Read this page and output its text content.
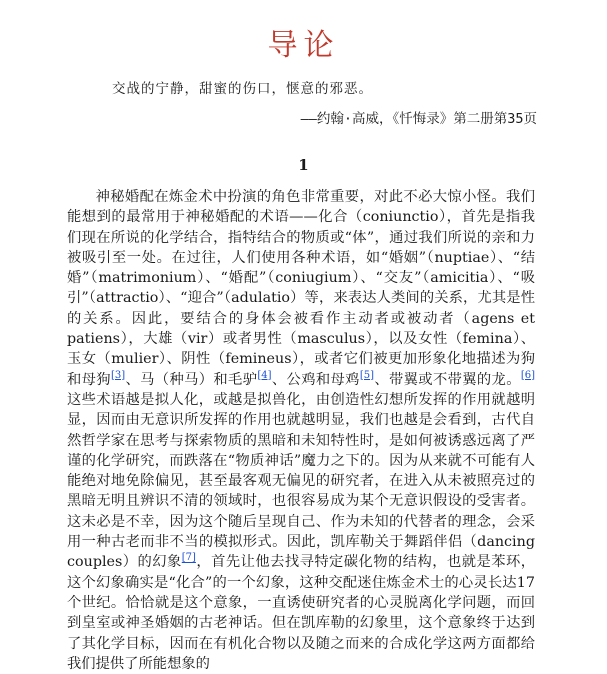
导论
交战的宁静，甜蜜的伤口，惬意的邪恶。
——约翰·高威，《忏悔录》第二册第35页
1

神秘婚配在炼金术中扮演的角色非常重要，对此不必大惊小怪。我们能想到的最常用于神秘婚配的术语——化合（coniunctio），首先是指我们现在所说的化学结合，指特结合的物质或“体”，通过我们所说的亲和力被吸引至一处。在过往，人们使用各种术语，如“婚姻”（nuptiae）、“结婚”（matrimonium）、“婚配”（coniugium）、“交友”（amicitia）、“吸引”（attractio）、“迎合”（adulatio）等，来表达人类间的关系，尤其是性的关系。因此，要结合的身体会被看作主动者或被动者（agens et patiens），大雄（vir）或者男性（masculus），以及女性（femina）、玉女（mulier）、阴性（femineus），或者它们被更加形象化地描述为狗和母狗[3]、马（种马）和毛驴[4]、公鸡和母鸡[5]、带翼或不带翼的龙。[6]这些术语越是拟人化，或越是拟兽化，由创造性幻想所发挥的作用就越明显，因而由无意识所发挥的作用也就越明显，我们也越是会看到，古代自然哲学家在思考与探索物质的黑暗和未知特性时，是如何被诱惑远离了严谨的化学研究，而跌落在“物质神话”魔力之下的。因为从来就不可能有人能绝对地免除偏见，甚至最客观无偏见的研究者，在进入从未被照亮过的黑暗无明且辨识不清的领域时，也很容易成为某个无意识假设的受害者。这未必是不幸，因为这个随后呈现自己、作为未知的代替者的理念，会采用一种古老而非不当的模拟形式。因此，凯库勒关于舞蹈伴侣（dancing couples）的幻象[7]，首先让他去找寻特定碳化物的结构，也就是苯环，这个幻象确实是“化合”的一个幻象，这种交配迷住炼金术士的心灵长达17个世纪。恰恰就是这个意象，一直诱使研究者的心灵脱离化学问题，而回到皇室或神圣婚姻的古老神话。但在凯库勒的幻象里，这个意象终于达到了其化学目标，因而在有机化合物以及随之而来的合成化学这两方面都给我们提供了所能想象的
